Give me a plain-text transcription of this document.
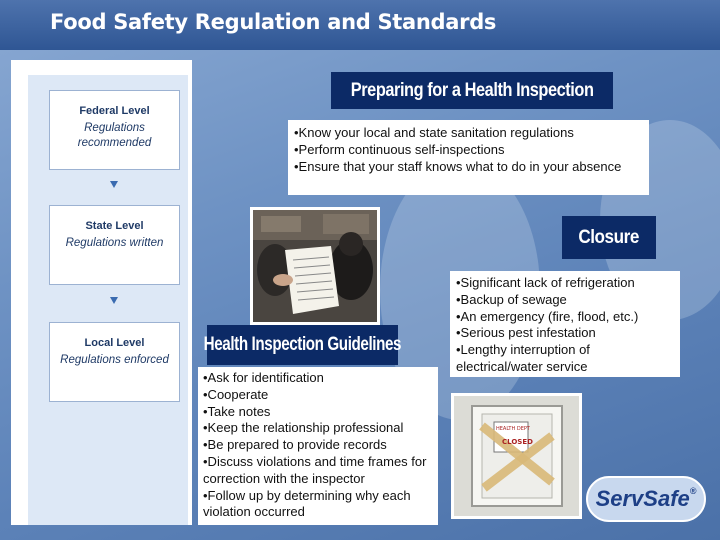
Food Safety Regulation and Standards
Federal Level
Regulations recommended
State Level
Regulations written
Local Level
Regulations enforced
Preparing for a Health Inspection
•Know your local and state sanitation regulations
•Perform continuous self-inspections
•Ensure that your staff knows what to do in your absence
Closure
•Significant lack of refrigeration
•Backup of sewage
•An emergency (fire, flood, etc.)
•Serious pest infestation
•Lengthy interruption of electrical/water service
Health Inspection Guidelines
•Ask for identification
•Cooperate
•Take notes
•Keep the relationship professional
•Be prepared to provide records
•Discuss violations and time frames for correction with the inspector
•Follow up by determining why each violation occurred
HEALTH DEPT
CLOSED
ServSafe ®
